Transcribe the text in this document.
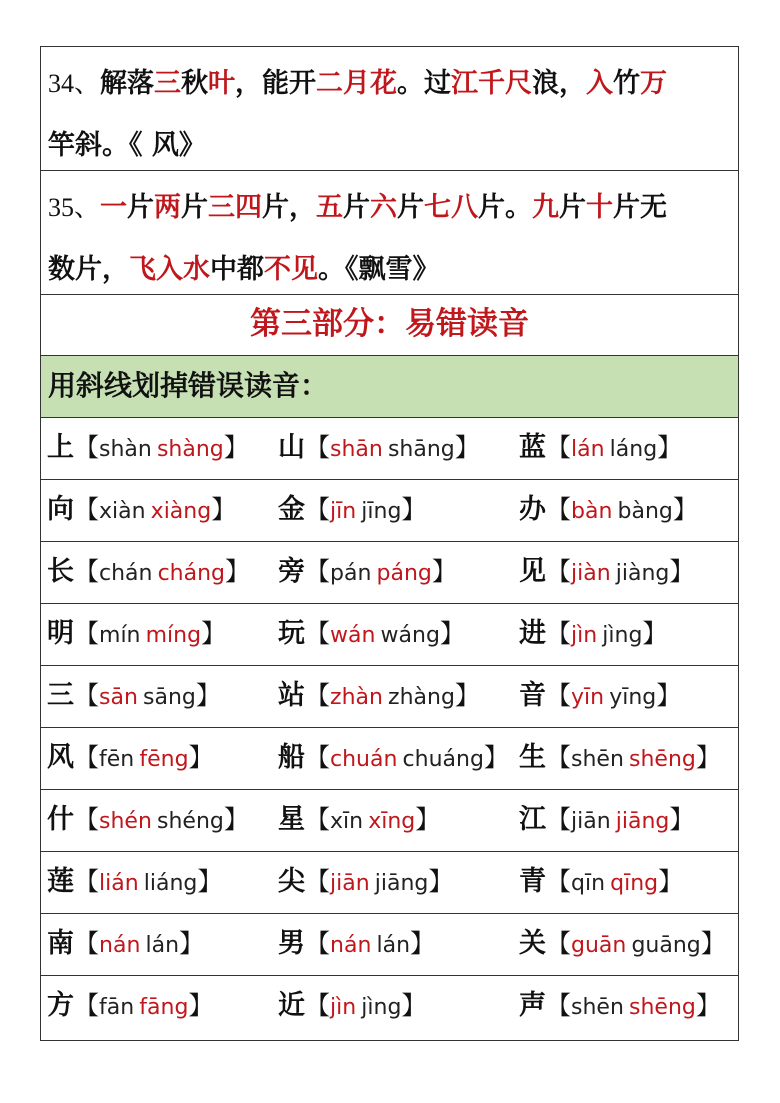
34、解落三秋叶，能开二月花。过江千尺浪，入竹万
竿斜。《 风》
35、一片两片三四片，五片六片七八片。九片十片无
数片，飞入水中都不见。《飘雪》
第三部分：易错读音
用斜线划掉错误读音：
上【shàn shàng】 山【shān shāng】 蓝【lán láng】
向【xiàn xiàng】 金【jīn jīng】	办【bàn bàng】
长【chán cháng】 旁【pán páng】 见【jiàn jiàng】
明【mín míng】 玩【wán wáng】 进【jìn jìng】
三【sān sāng】 站【zhàn zhàng】 音【yīn yīng】
风【fēn fēng】 船【chuán chuáng】 生【shēn shēng】
什【shén shéng】 星【xīn xīng】	江【jiān jiāng】
莲【lián liáng】 尖【jiān jiāng】 青【qīn qīng】
南【nán lán】	男【nán lán】	关【guān guāng】
方【fān fāng】 近【jìn jìng】	声【shēn shēng】
